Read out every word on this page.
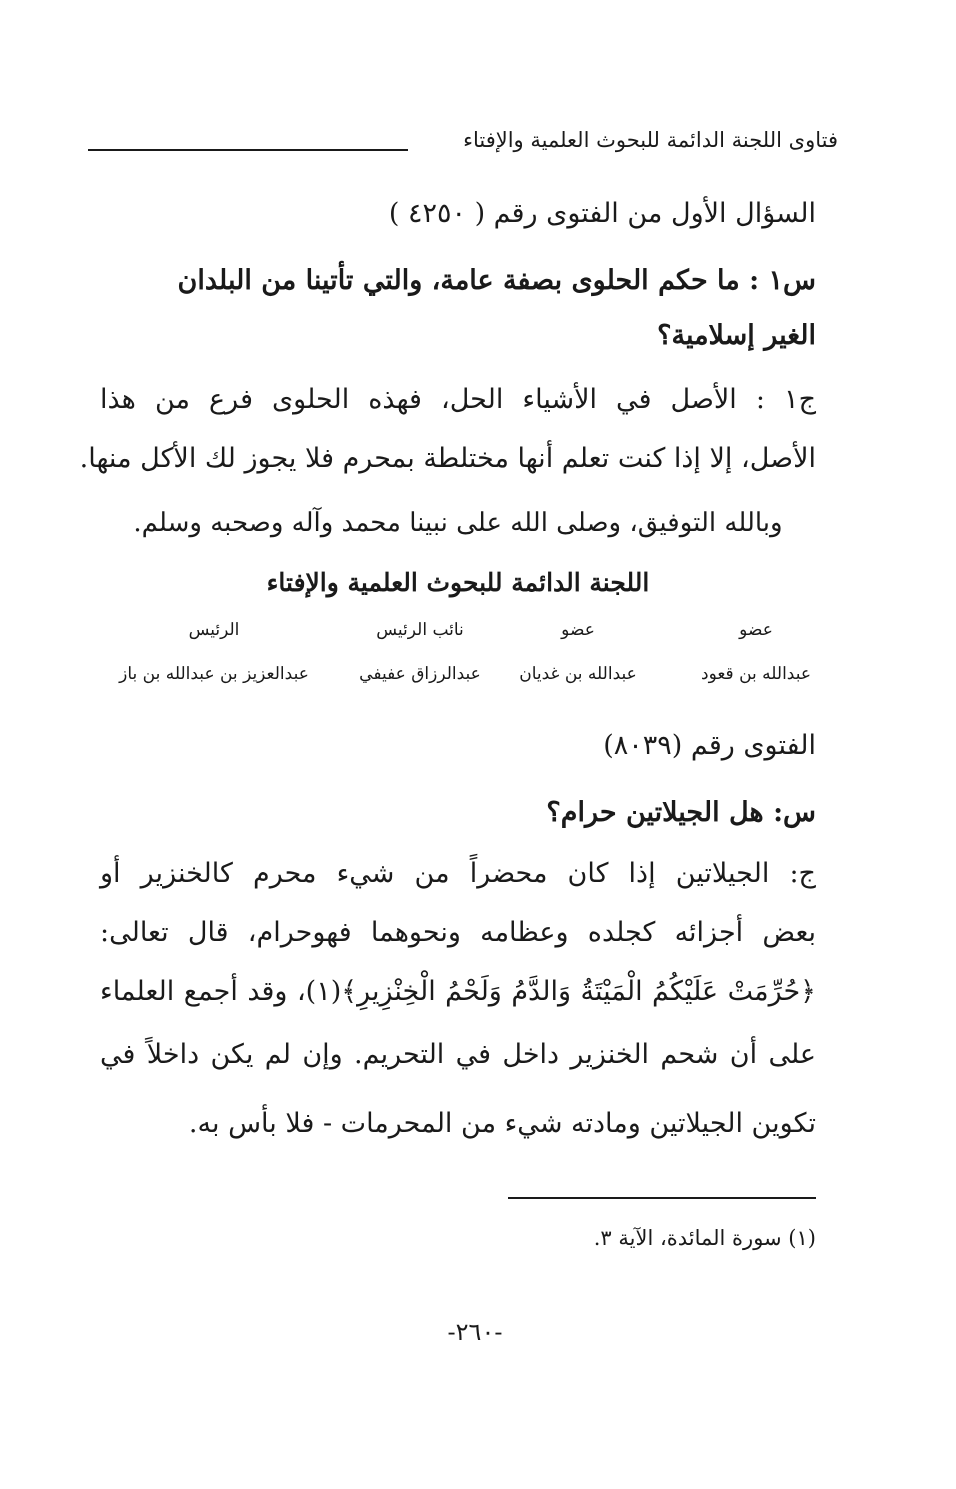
فتاوى اللجنة الدائمة للبحوث العلمية والإفتاء
السؤال الأول من الفتوى رقم ( ٤٢٥٠ )
س١ : ما حكم الحلوى بصفة عامة، والتي تأتينا من البلدان
الغير إسلامية؟
ج١ : الأصل في الأشياء الحل، فهذه الحلوى فرع من هذا
الأصل، إلا إذا كنت تعلم أنها مختلطة بمحرم فلا يجوز لك الأكل منها.
وبالله التوفيق، وصلى الله على نبينا محمد وآله وصحبه وسلم.
اللجنة الدائمة للبحوث العلمية والإفتاء
عضو
عبدالله بن قعود
عضو
عبدالله بن غديان
نائب الرئيس
عبدالرزاق عفيفي
الرئيس
عبدالعزيز بن عبدالله بن باز
الفتوى رقم (٨٠٣٩)
س: هل الجيلاتين حرام؟
ج: الجيلاتين إذا كان محضراً من شيء محرم كالخنزير أو
بعض أجزائه كجلده وعظامه ونحوهما فهوحرام، قال تعالى:
﴿حُرِّمَتْ عَلَيْكُمُ الْمَيْتَةُ وَالدَّمُ وَلَحْمُ الْخِنْزِيرِ﴾(١)، وقد أجمع العلماء
على أن شحم الخنزير داخل في التحريم. وإن لم يكن داخلاً في
تكوين الجيلاتين ومادته شيء من المحرمات - فلا بأس به.
(١) سورة المائدة، الآية ٣.
-٢٦٠-
